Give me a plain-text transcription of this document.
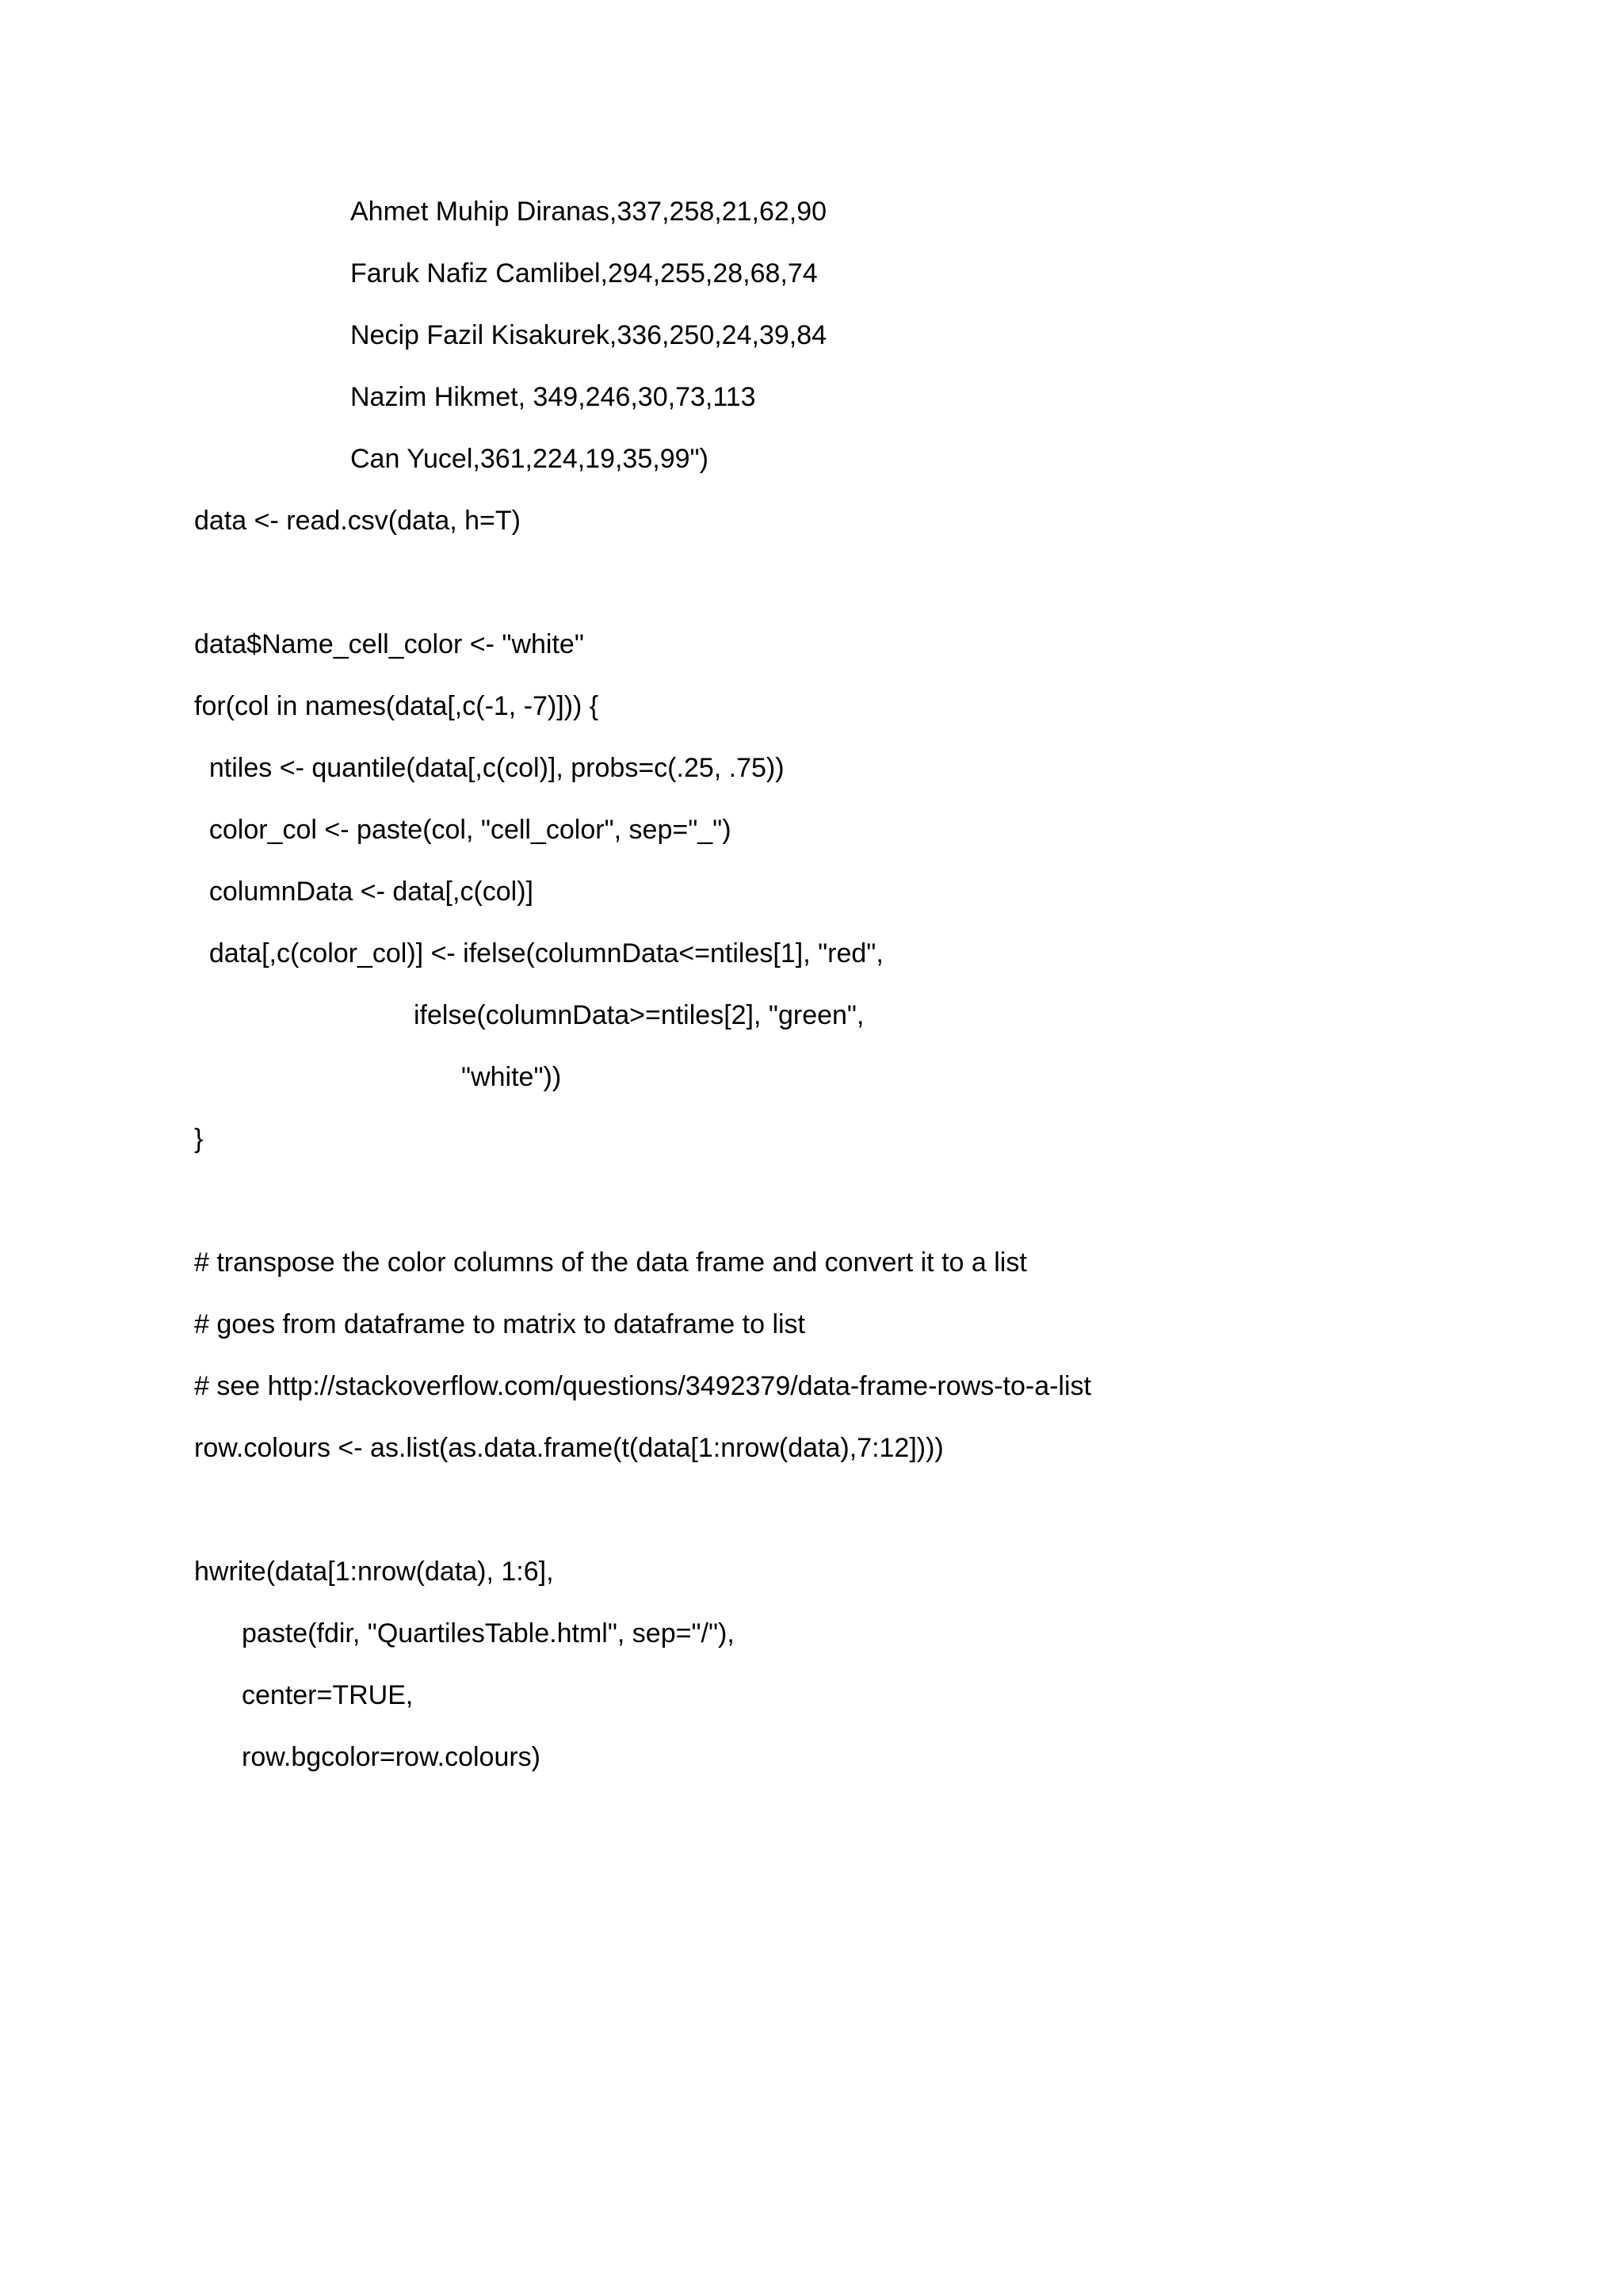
Ahmet Muhip Diranas,337,258,21,62,90
Faruk Nafiz Camlibel,294,255,28,68,74
Necip Fazil Kisakurek,336,250,24,39,84
Nazim Hikmet, 349,246,30,73,113
Can Yucel,361,224,19,35,99")
data <- read.csv(data, h=T)
data$Name_cell_color <- "white"
for(col in names(data[,c(-1, -7)])) {
ntiles <- quantile(data[,c(col)], probs=c(.25, .75))
color_col <- paste(col, "cell_color", sep="_")
columnData <- data[,c(col)]
data[,c(color_col)] <- ifelse(columnData<=ntiles[1], "red",
ifelse(columnData>=ntiles[2], "green",
"white"))
}
# transpose the color columns of the data frame and convert it to a list
# goes from dataframe to matrix to dataframe to list
# see http://stackoverflow.com/questions/3492379/data-frame-rows-to-a-list
row.colours <- as.list(as.data.frame(t(data[1:nrow(data),7:12])))
hwrite(data[1:nrow(data), 1:6],
paste(fdir, "QuartilesTable.html", sep="/"),
center=TRUE,
row.bgcolor=row.colours)
